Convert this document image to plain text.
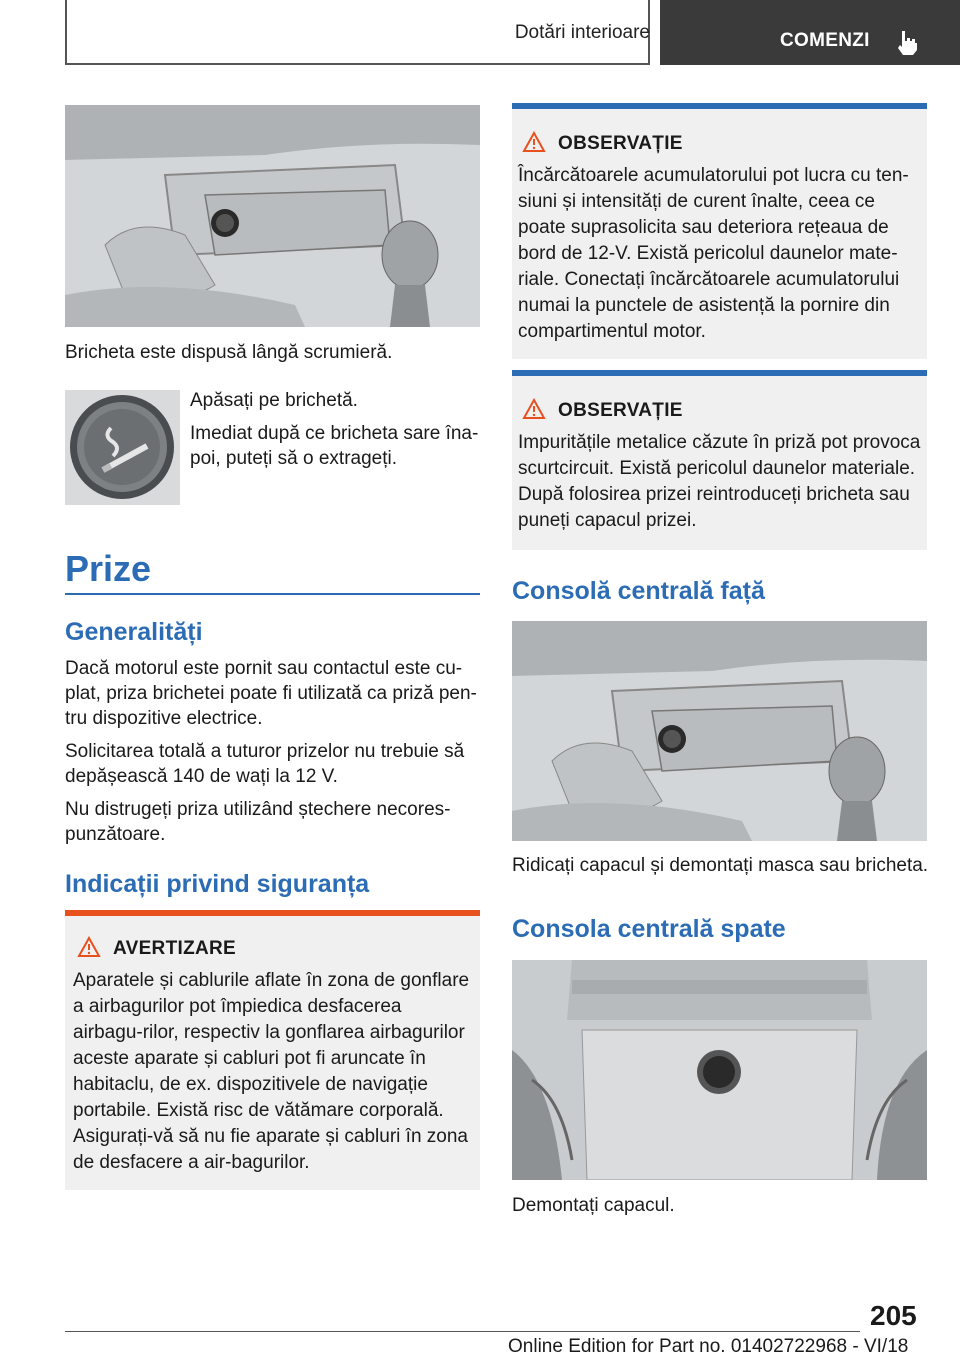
Dotări interioare	COMENZI
Bricheta este dispusă lângă scrumieră.

Apăsați pe brichetă.

Imediat după ce bricheta sare îna-poi, puteți să o extrageți.

Prize
Generalități

Dacă motorul este pornit sau contactul este cu-plat, priza brichetei poate fi utilizată ca priză pen-tru dispozitive electrice.

Solicitarea totală a tuturor prizelor nu trebuie să depășească 140 de wați la 12 V.

Nu distrugeți priza utilizând ștechere necores-punzătoare.

Indicații privind siguranța
AVERTIZARE
Aparatele și cablurile aflate în zona de gonflare a airbagurilor pot împiedica desfacerea airbagu-rilor, respectiv la gonflarea airbagurilor aceste aparate și cabluri pot fi aruncate în habitaclu, de ex. dispozitivele de navigație portabile. Există risc de vătămare corporală. Asigurați-vă să nu fie aparate și cabluri în zona de desfacere a air-bagurilor.
OBSERVAȚIE
Încărcătoarele acumulatorului pot lucra cu ten-siuni și intensități de curent înalte, ceea ce poate suprasolicita sau deteriora rețeaua de bord de 12-V. Există pericolul daunelor mate-riale. Conectați încărcătoarele acumulatorului numai la punctele de asistență la pornire din compartimentul motor.
OBSERVAȚIE
Impuritățile metalice căzute în priză pot provoca scurtcircuit. Există pericolul daunelor materiale. După folosirea prizei reintroduceți bricheta sau puneți capacul prizei.
Consolă centrală față
Ridicați capacul și demontați masca sau bricheta.
Consola centrală spate
Demontați capacul.
205
Online Edition for Part no. 01402722968 - VI/18
